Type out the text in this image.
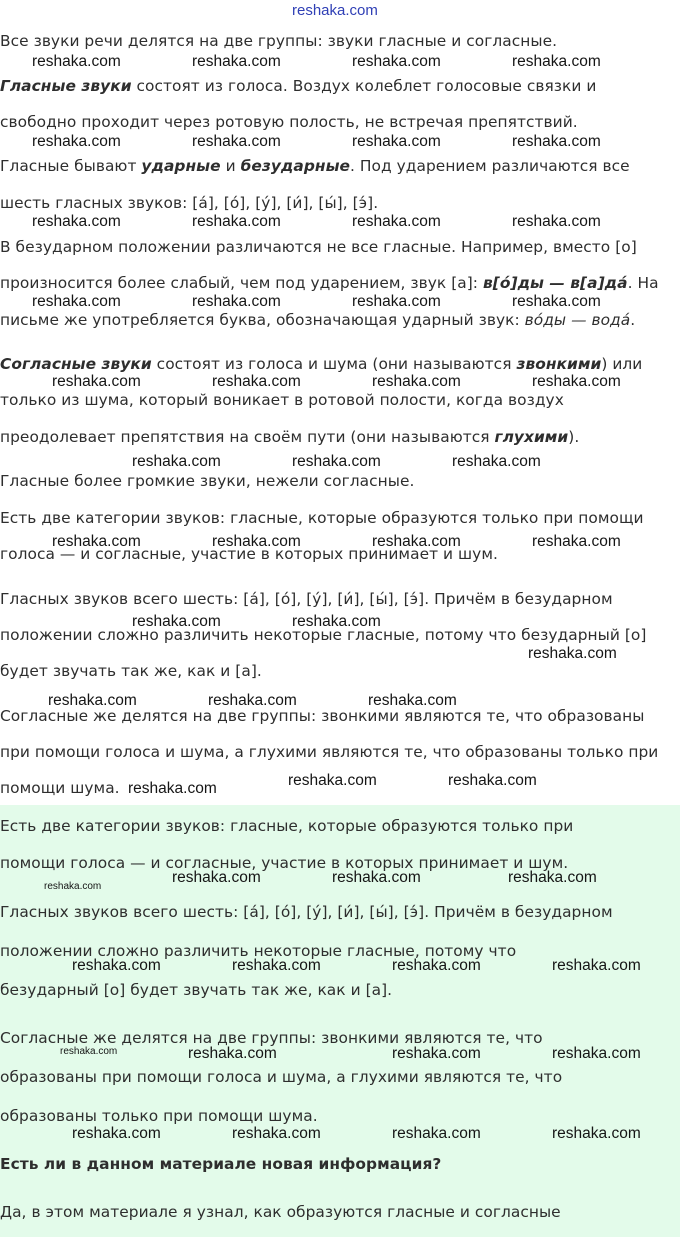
reshaka.com
Все звуки речи делятся на две группы: звуки гласные и согласные.
Гласные звуки состоят из голоса. Воздух колеблет голосовые связки и
свободно проходит через ротовую полость, не встречая препятствий.
Гласные бывают ударные и безударные. Под ударением различаются все
шесть гласных звуков: [а́], [о́], [у́], [и́], [ы́], [э́].
В безударном положении различаются не все гласные. Например, вместо [о]
произносится более слабый, чем под ударением, звук [а]: в[о́]ды — в[а]да́. На
письме же употребляется буква, обозначающая ударный звук: во́ды — вода́.
Согласные звуки состоят из голоса и шума (они называются звонкими) или
только из шума, который воникает в ротовой полости, когда воздух
преодолевает препятствия на своём пути (они называются глухими).
Гласные более громкие звуки, нежели согласные.
Есть две категории звуков: гласные, которые образуются только при помощи
голоса — и согласные, участие в которых принимает и шум.
Гласных звуков всего шесть: [а́], [о́], [у́], [и́], [ы́], [э́]. Причём в безударном
положении сложно различить некоторые гласные, потому что безударный [о]
будет звучать так же, как и [а].
Согласные же делятся на две группы: звонкими являются те, что образованы
при помощи голоса и шума, а глухими являются те, что образованы только при
помощи шума.
Есть две категории звуков: гласные, которые образуются только при
помощи голоса — и согласные, участие в которых принимает и шум.
Гласных звуков всего шесть: [а́], [о́], [у́], [и́], [ы́], [э́]. Причём в безударном
положении сложно различить некоторые гласные, потому что
безударный [о] будет звучать так же, как и [а].
Согласные же делятся на две группы: звонкими являются те, что
образованы при помощи голоса и шума, а глухими являются те, что
образованы только при помощи шума.
Есть ли в данном материале новая информация?
Да, в этом материале я узнал, как образуются гласные и согласные
reshaka.com	reshaka.com	reshaka.com	reshaka.com
reshaka.com	reshaka.com	reshaka.com	reshaka.com
reshaka.com	reshaka.com	reshaka.com	reshaka.com
reshaka.com	reshaka.com	reshaka.com	reshaka.com
reshaka.com	reshaka.com	reshaka.com	reshaka.com
reshaka.com	reshaka.com	reshaka.com
reshaka.com	reshaka.com	reshaka.com	reshaka.com
reshaka.com	reshaka.com
reshaka.com
reshaka.com	reshaka.com	reshaka.com
reshaka.com	reshaka.com	reshaka.com
reshaka.com
reshaka.com	reshaka.com	reshaka.com
reshaka.com	reshaka.com	reshaka.com	reshaka.com
reshaka.com	reshaka.com	reshaka.com	reshaka.com
reshaka.com	reshaka.com	reshaka.com	reshaka.com
